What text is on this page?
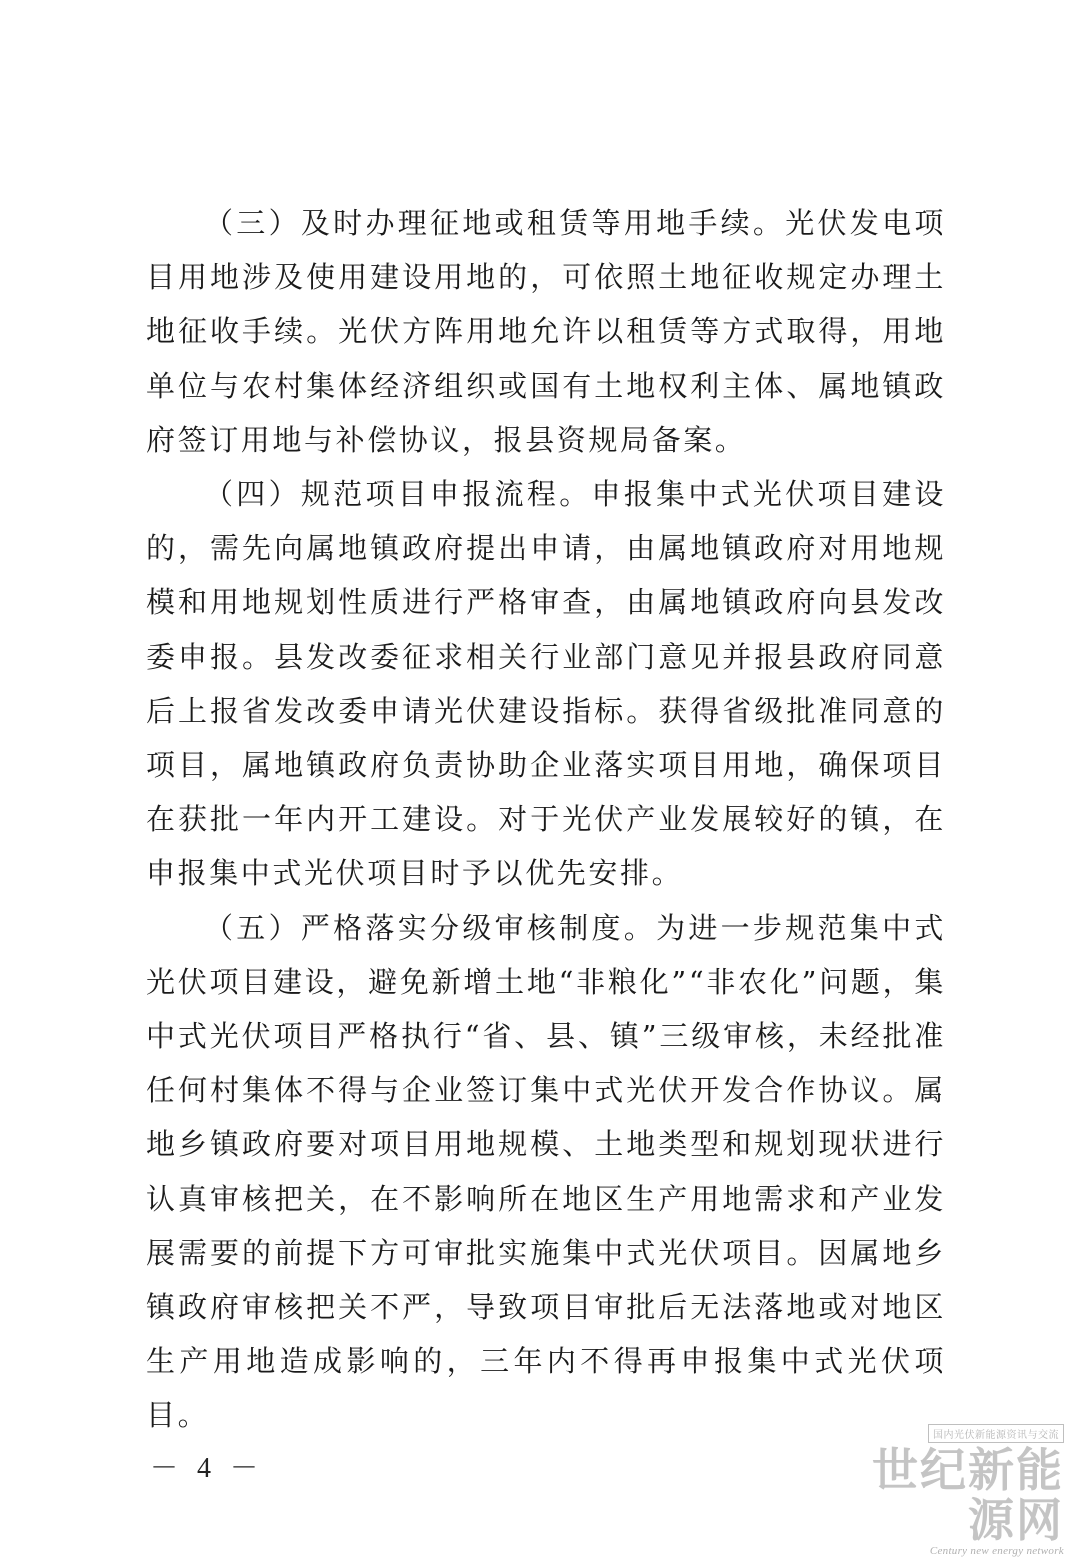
（三）及时办理征地或租赁等用地手续。光伏发电项目用地涉及使用建设用地的，可依照土地征收规定办理土地征收手续。光伏方阵用地允许以租赁等方式取得，用地单位与农村集体经济组织或国有土地权利主体、属地镇政府签订用地与补偿协议，报县资规局备案。

（四）规范项目申报流程。申报集中式光伏项目建设的，需先向属地镇政府提出申请，由属地镇政府对用地规模和用地规划性质进行严格审查，由属地镇政府向县发改委申报。县发改委征求相关行业部门意见并报县政府同意后上报省发改委申请光伏建设指标。获得省级批准同意的项目，属地镇政府负责协助企业落实项目用地，确保项目在获批一年内开工建设。对于光伏产业发展较好的镇，在申报集中式光伏项目时予以优先安排。

（五）严格落实分级审核制度。为进一步规范集中式光伏项目建设，避免新增土地“非粮化”“非农化”问题，集中式光伏项目严格执行“省、县、镇”三级审核，未经批准任何村集体不得与企业签订集中式光伏开发合作协议。属地乡镇政府要对项目用地规模、土地类型和规划现状进行认真审核把关，在不影响所在地区生产用地需求和产业发展需要的前提下方可审批实施集中式光伏项目。因属地乡镇政府审核把关不严，导致项目审批后无法落地或对地区生产用地造成影响的，三年内不得再申报集中式光伏项目。

－ 4 －
国内光伏新能源资讯与交流
世纪新能源网
Century new energy network
